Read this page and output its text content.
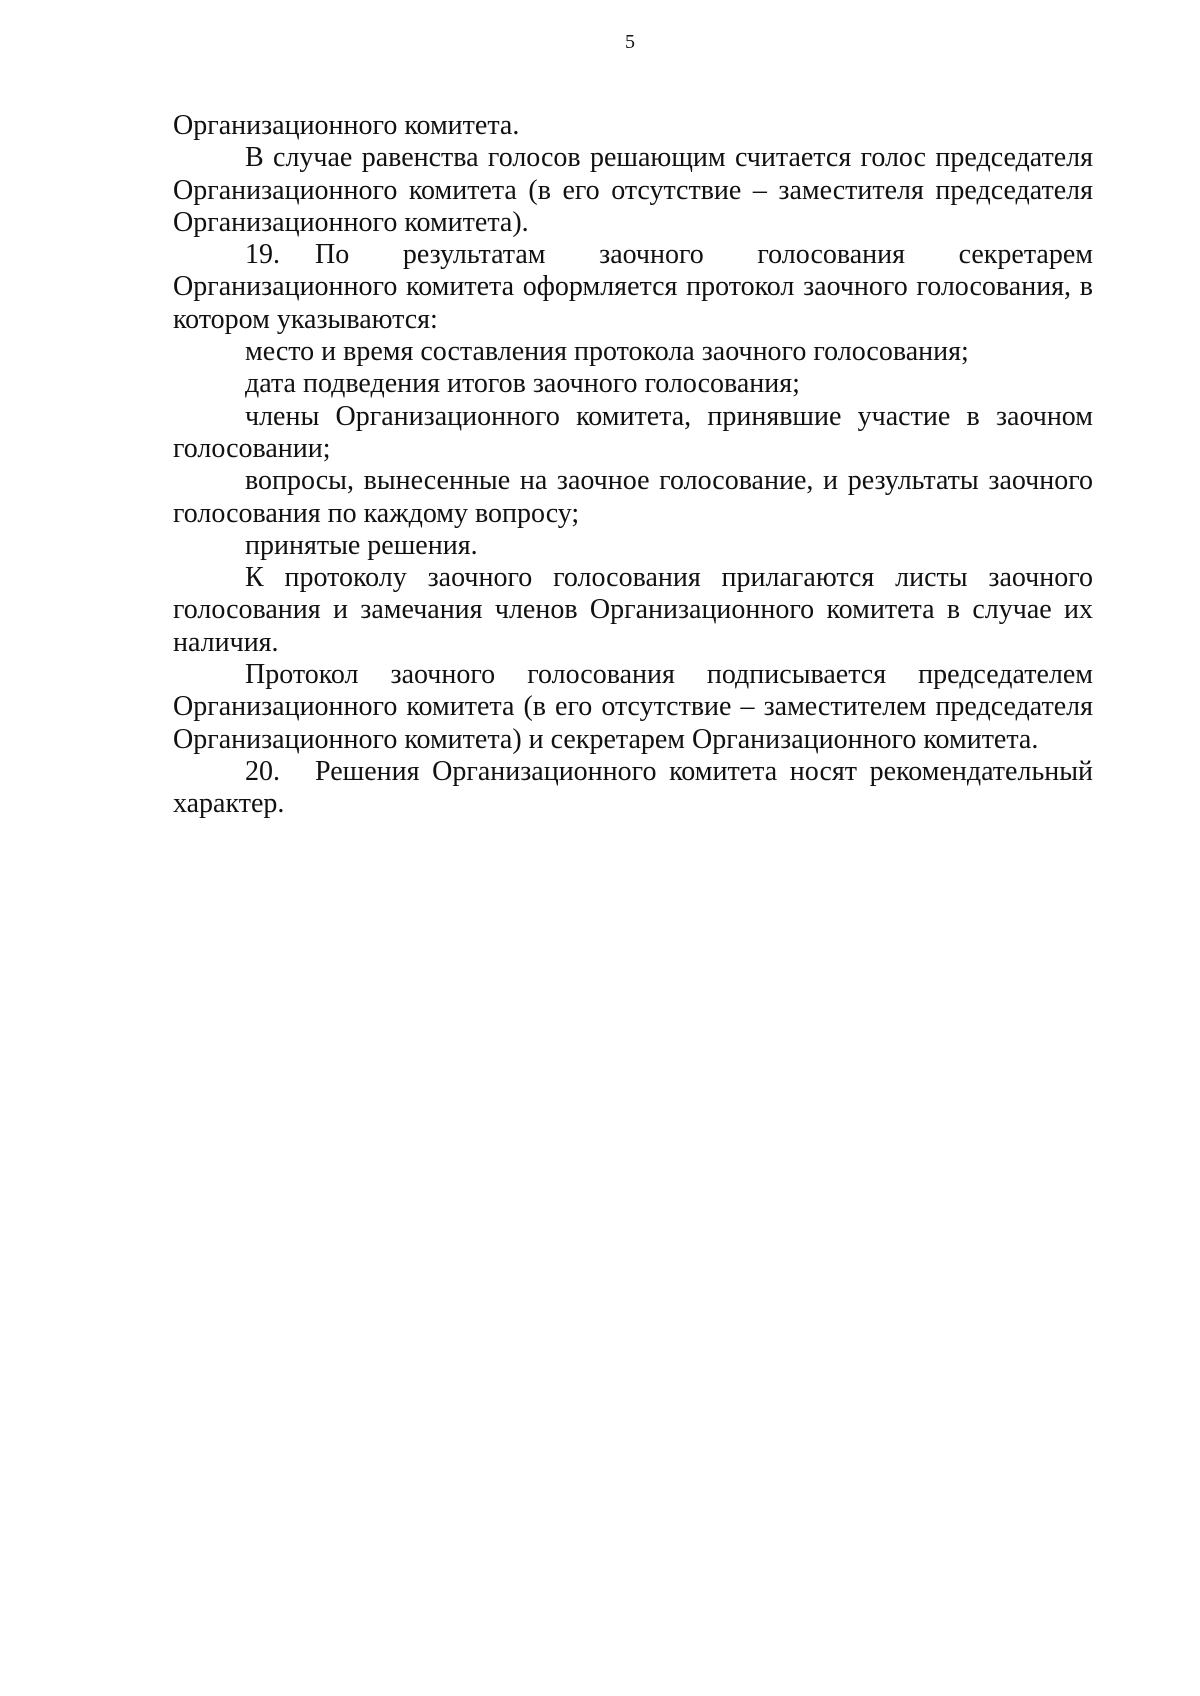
5

Организационного комитета.

В случае равенства голосов решающим считается голос председателя Организационного комитета (в его отсутствие – заместителя председателя Организационного комитета).

19. По результатам заочного голосования секретарем Организационного комитета оформляется протокол заочного голосования, в котором указываются:

место и время составления протокола заочного голосования;

дата подведения итогов заочного голосования;

члены Организационного комитета, принявшие участие в заочном голосовании;

вопросы, вынесенные на заочное голосование, и результаты заочного голосования по каждому вопросу;

принятые решения.

К протоколу заочного голосования прилагаются листы заочного голосования и замечания членов Организационного комитета в случае их наличия.

Протокол заочного голосования подписывается председателем Организационного комитета (в его отсутствие – заместителем председателя Организационного комитета) и секретарем Организационного комитета.

20. Решения Организационного комитета носят рекомендательный характер.
